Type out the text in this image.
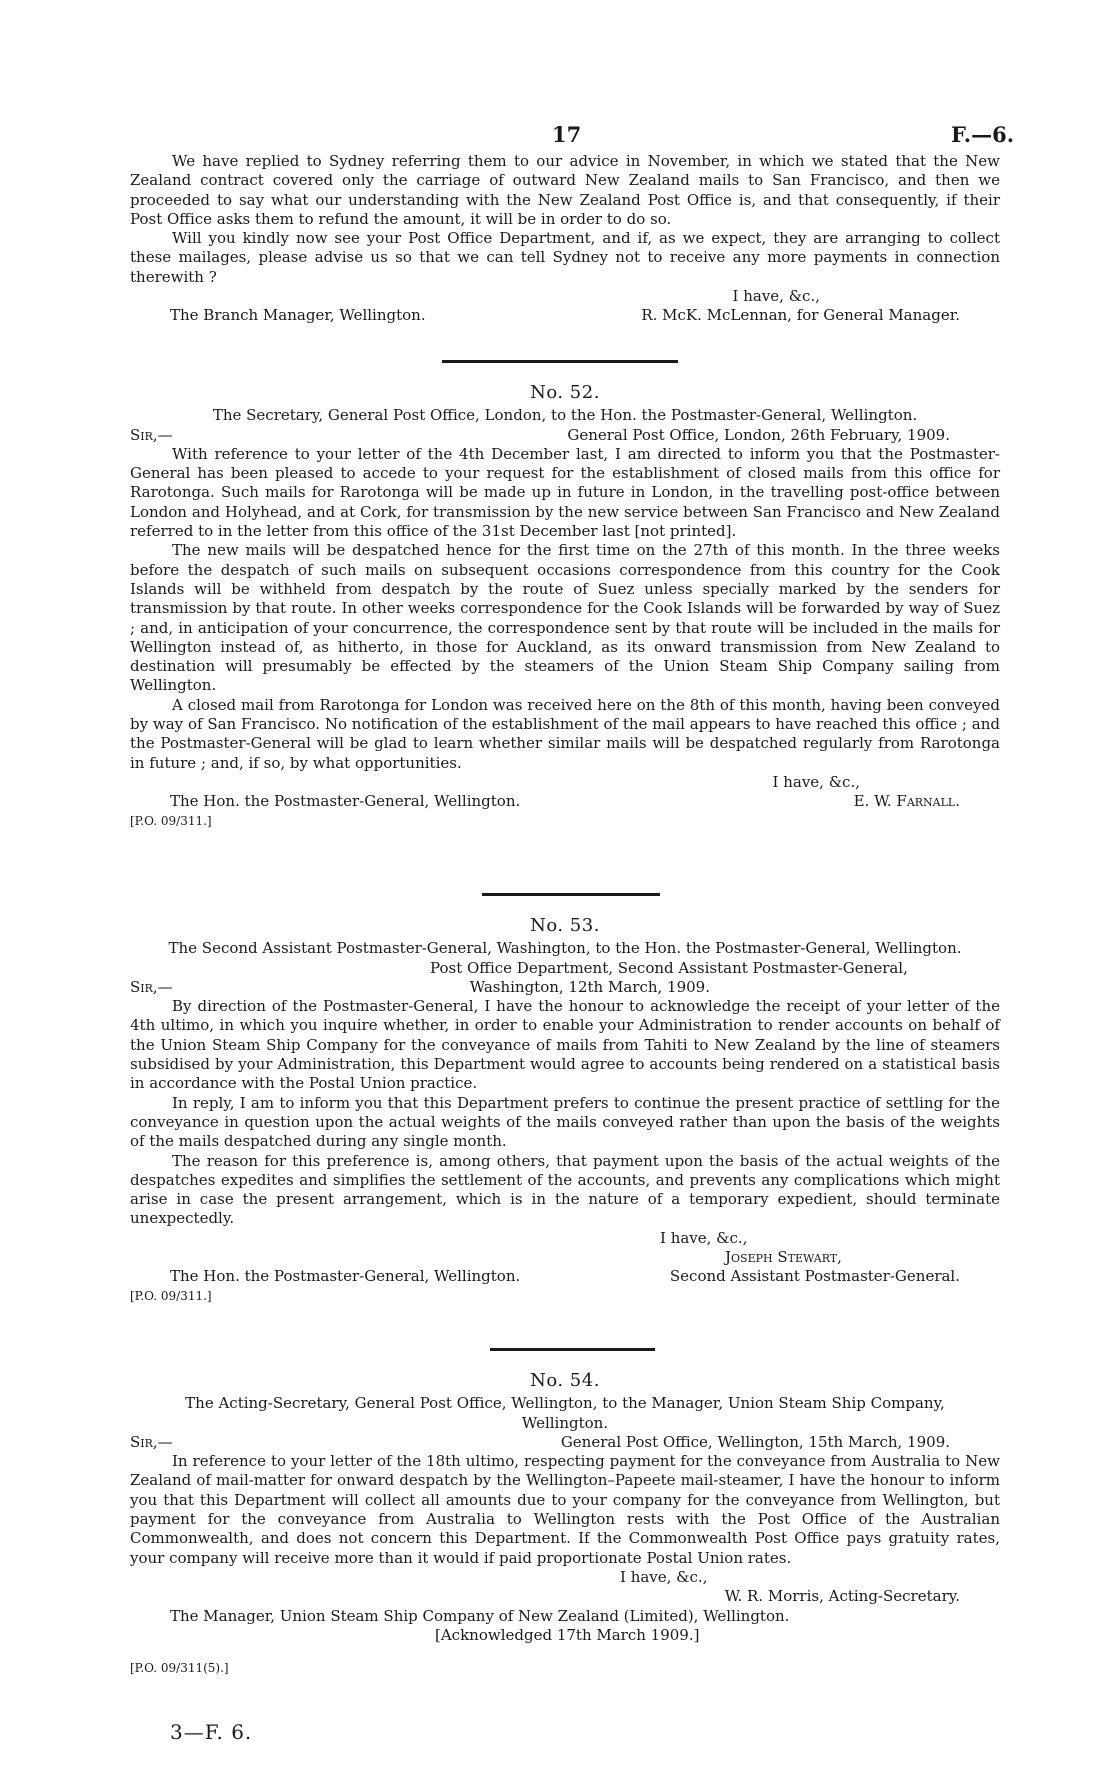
17	F.—6.

We have replied to Sydney referring them to our advice in November, in which we stated that the New Zealand contract covered only the carriage of outward New Zealand mails to San Francisco, and then we proceeded to say what our understanding with the New Zealand Post Office is, and that consequently, if their Post Office asks them to refund the amount, it will be in order to do so.

Will you kindly now see your Post Office Department, and if, as we expect, they are arranging to collect these mailages, please advise us so that we can tell Sydney not to receive any more payments in connection therewith ?

I have, &c.,
The Branch Manager, Wellington.	R. McK. McLennan, for General Manager.
No. 52.
The Secretary, General Post Office, London, to the Hon. the Postmaster-General, Wellington.
Sir,—	General Post Office, London, 26th February, 1909.

With reference to your letter of the 4th December last, I am directed to inform you that the Postmaster-General has been pleased to accede to your request for the establishment of closed mails from this office for Rarotonga. Such mails for Rarotonga will be made up in future in London, in the travelling post-office between London and Holyhead, and at Cork, for transmission by the new service between San Francisco and New Zealand referred to in the letter from this office of the 31st December last [not printed].

The new mails will be despatched hence for the first time on the 27th of this month. In the three weeks before the despatch of such mails on subsequent occasions correspondence from this country for the Cook Islands will be withheld from despatch by the route of Suez unless specially marked by the senders for transmission by that route. In other weeks correspondence for the Cook Islands will be forwarded by way of Suez ; and, in anticipation of your concurrence, the correspondence sent by that route will be included in the mails for Wellington instead of, as hitherto, in those for Auckland, as its onward transmission from New Zealand to destination will presumably be effected by the steamers of the Union Steam Ship Company sailing from Wellington.

A closed mail from Rarotonga for London was received here on the 8th of this month, having been conveyed by way of San Francisco. No notification of the establishment of the mail appears to have reached this office ; and the Postmaster-General will be glad to learn whether similar mails will be despatched regularly from Rarotonga in future ; and, if so, by what opportunities.

I have, &c.,
The Hon. the Postmaster-General, Wellington.	E. W. Farnall.
[P.O. 09/311.]
No. 53.
The Second Assistant Postmaster-General, Washington, to the Hon. the Postmaster-General, Wellington.
Post Office Department, Second Assistant Postmaster-General,
Sir,—	Washington, 12th March, 1909.

By direction of the Postmaster-General, I have the honour to acknowledge the receipt of your letter of the 4th ultimo, in which you inquire whether, in order to enable your Administration to render accounts on behalf of the Union Steam Ship Company for the conveyance of mails from Tahiti to New Zealand by the line of steamers subsidised by your Administration, this Department would agree to accounts being rendered on a statistical basis in accordance with the Postal Union practice.

In reply, I am to inform you that this Department prefers to continue the present practice of settling for the conveyance in question upon the actual weights of the mails conveyed rather than upon the basis of the weights of the mails despatched during any single month.

The reason for this preference is, among others, that payment upon the basis of the actual weights of the despatches expedites and simplifies the settlement of the accounts, and prevents any complications which might arise in case the present arrangement, which is in the nature of a temporary expedient, should terminate unexpectedly.

I have, &c.,
Joseph Stewart,
The Hon. the Postmaster-General, Wellington.	Second Assistant Postmaster-General.
[P.O. 09/311.]
No. 54.
The Acting-Secretary, General Post Office, Wellington, to the Manager, Union Steam Ship Company, Wellington.
Sir,—	General Post Office, Wellington, 15th March, 1909.

In reference to your letter of the 18th ultimo, respecting payment for the conveyance from Australia to New Zealand of mail-matter for onward despatch by the Wellington–Papeete mail-steamer, I have the honour to inform you that this Department will collect all amounts due to your company for the conveyance from Wellington, but payment for the conveyance from Australia to Wellington rests with the Post Office of the Australian Commonwealth, and does not concern this Department. If the Commonwealth Post Office pays gratuity rates, your company will receive more than it would if paid proportionate Postal Union rates.

I have, &c.,
W. R. Morris, Acting-Secretary.
The Manager, Union Steam Ship Company of New Zealand (Limited), Wellington.
[Acknowledged 17th March 1909.]
[P.O. 09/311(5).]
3—F. 6.
